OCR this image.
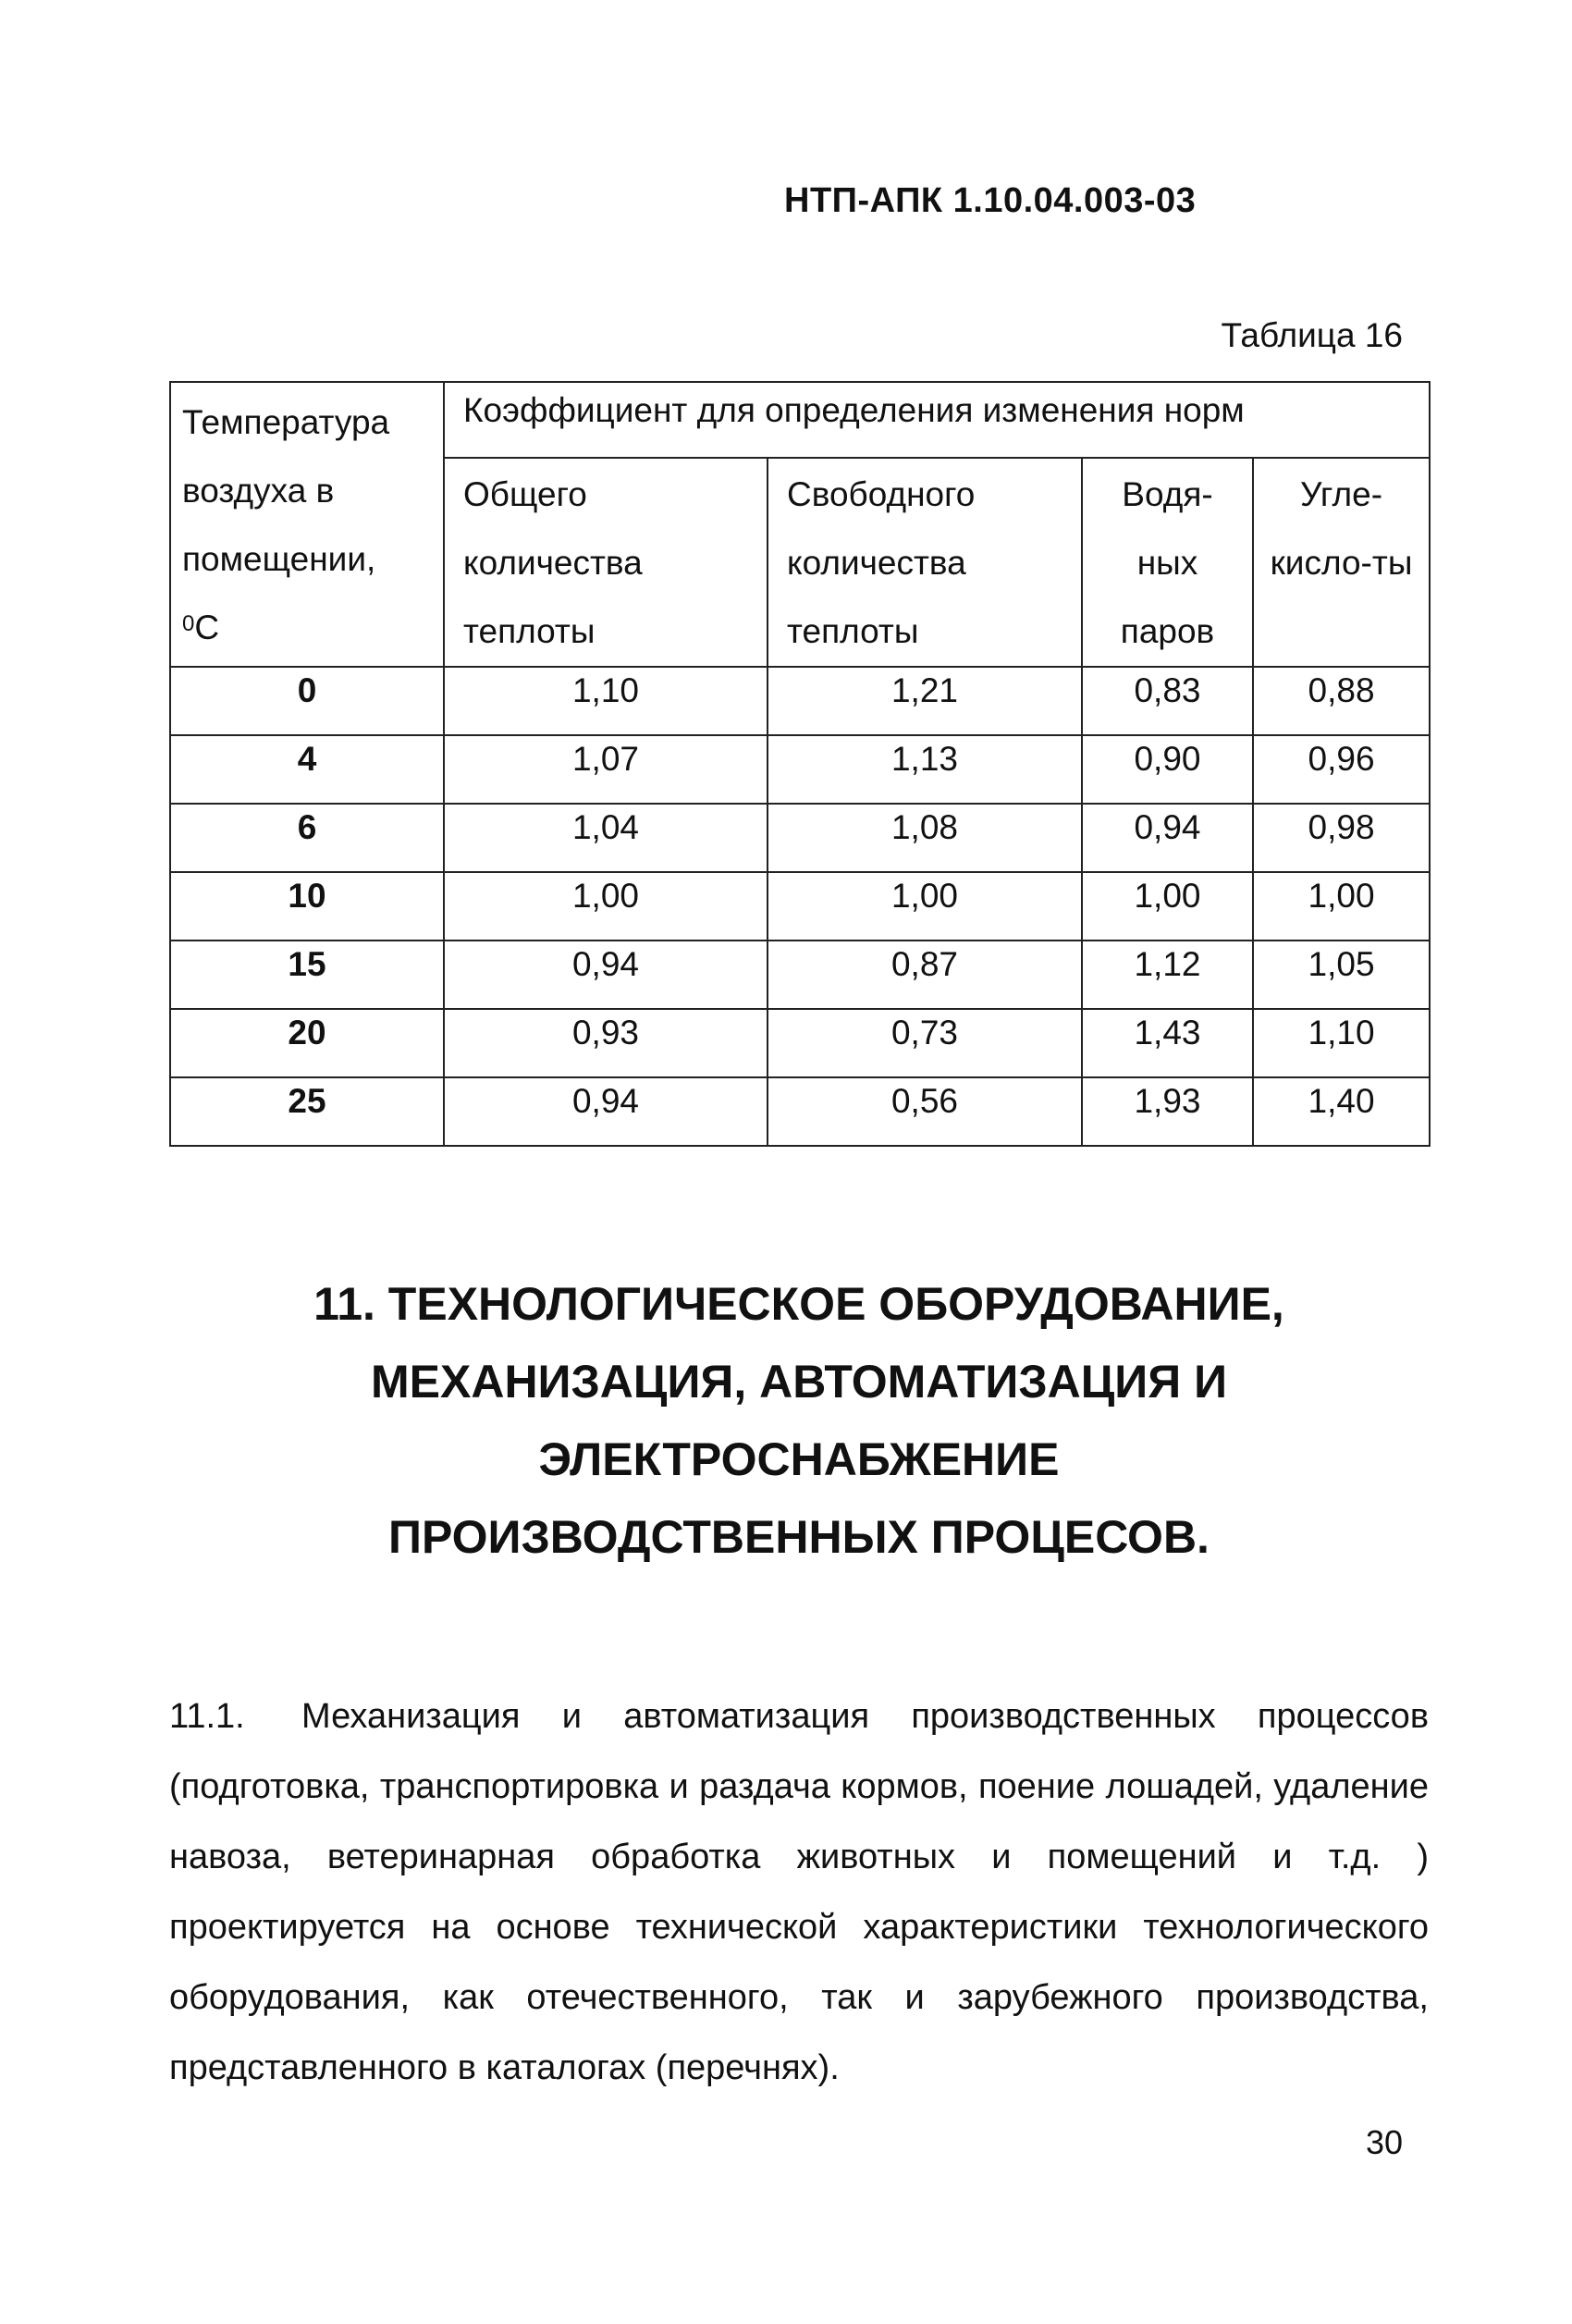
НТП-АПК 1.10.04.003-03
Таблица 16
Температура воздуха в помещении,
$^0$С	Коэффициент для определения изменения норм			
	Общего количества теплоты	Свободного количества теплоты	Водя-ных паров	Угле-кисло-ты
0	1,10	1,21	0,83	0,88
4	1,07	1,13	0,90	0,96
6	1,04	1,08	0,94	0,98
10	1,00	1,00	1,00	1,00
15	0,94	0,87	1,12	1,05
20	0,93	0,73	1,43	1,10
25	0,94	0,56	1,93	1,40
11. ТЕХНОЛОГИЧЕСКОЕ ОБОРУДОВАНИЕ,
МЕХАНИЗАЦИЯ, АВТОМАТИЗАЦИЯ И
ЭЛЕКТРОСНАБЖЕНИЕ
ПРОИЗВОДСТВЕННЫХ ПРОЦЕСОВ.
11.1. Механизация и автоматизация производственных процессов (подготовка, транспортировка и раздача кормов, поение лошадей, удаление навоза, ветеринарная обработка животных и помещений и т.д. ) проектируется на основе технической характеристики технологического оборудования, как отечественного, так и зарубежного производства, представленного в каталогах (перечнях).
30
